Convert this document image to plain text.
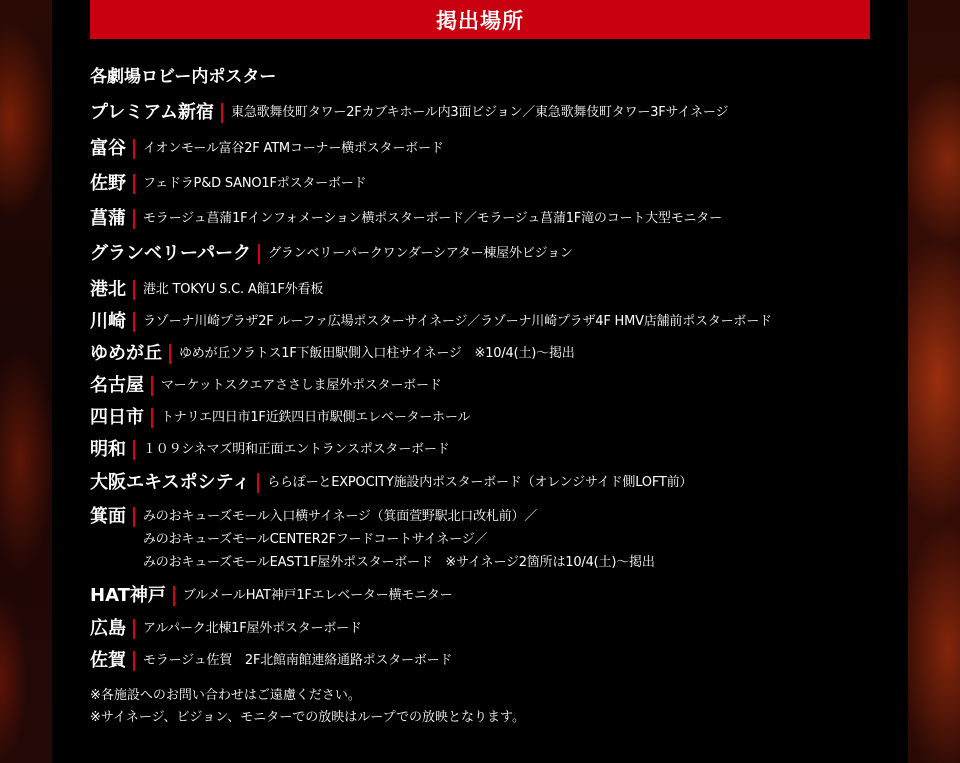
掲出場所
各劇場ロビー内ポスター
プレミアム新宿 東急歌舞伎町タワー2Fカブキホール内3面ビジョン／東急歌舞伎町タワー3Fサイネージ
富谷 イオンモール富谷2F ATMコーナー横ポスターボード
佐野 フェドラP&D SANO1Fポスターボード
菖蒲 モラージュ菖蒲1Fインフォメーション横ポスターボード／モラージュ菖蒲1F滝のコート大型モニター
グランベリーパーク グランベリーパークワンダーシアター棟屋外ビジョン
港北 港北 TOKYU S.C. A館1F外看板
川崎 ラゾーナ川崎プラザ2F ルーファ広場ポスターサイネージ／ラゾーナ川崎プラザ4F HMV店舗前ポスターボード
ゆめが丘 ゆめが丘ソラトス1F下飯田駅側入口柱サイネージ　※10/4(土)～掲出
名古屋 マーケットスクエアささしま屋外ポスターボード
四日市 トナリエ四日市1F近鉄四日市駅側エレベーターホール
明和 １０９シネマズ明和正面エントランスポスターボード
大阪エキスポシティ ららぽーとEXPOCITY施設内ポスターボード（オレンジサイド側LOFT前）
箕面 みのおキューズモール入口横サイネージ（箕面萱野駅北口改札前）／
みのおキューズモールCENTER2Fフードコートサイネージ／
みのおキューズモールEAST1F屋外ポスターボード　※サイネージ2箇所は10/4(土)～掲出
HAT神戸 ブルメールHAT神戸1Fエレベーター横モニター
広島 アルパーク北棟1F屋外ポスターボード
佐賀 モラージュ佐賀　2F北館南館連絡通路ポスターボード
※各施設へのお問い合わせはご遠慮ください。
※サイネージ、ビジョン、モニターでの放映はループでの放映となります。
